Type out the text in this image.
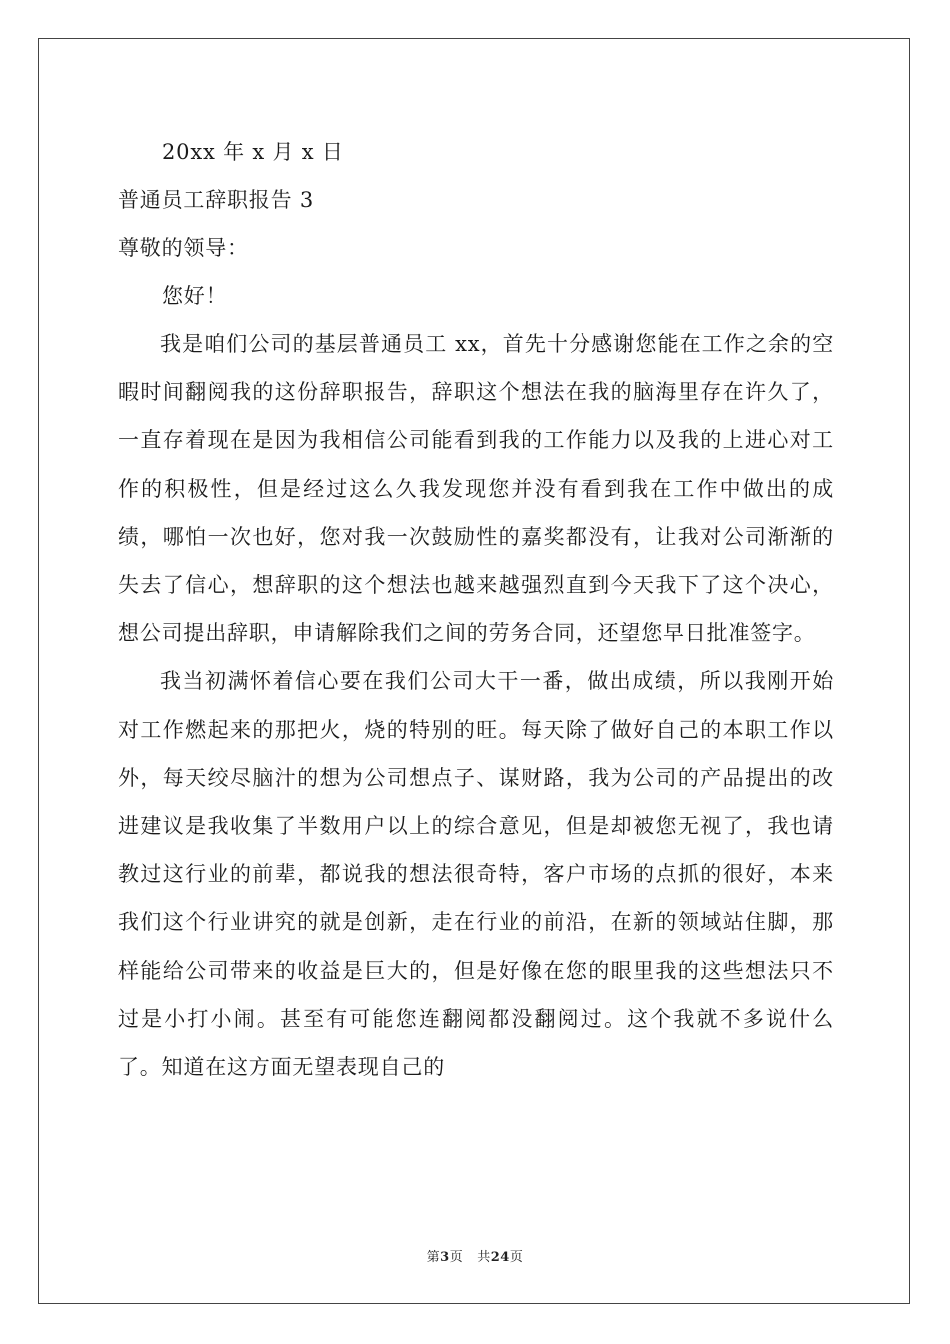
20xx 年 x 月 x 日
普通员工辞职报告 3
尊敬的领导：
您好！

我是咱们公司的基层普通员工 xx，首先十分感谢您能在工作之余的空暇时间翻阅我的这份辞职报告，辞职这个想法在我的脑海里存在许久了，一直存着现在是因为我相信公司能看到我的工作能力以及我的上进心对工作的积极性，但是经过这么久我发现您并没有看到我在工作中做出的成绩，哪怕一次也好，您对我一次鼓励性的嘉奖都没有，让我对公司渐渐的失去了信心，想辞职的这个想法也越来越强烈直到今天我下了这个决心，想公司提出辞职，申请解除我们之间的劳务合同，还望您早日批准签字。

我当初满怀着信心要在我们公司大干一番，做出成绩，所以我刚开始对工作燃起来的那把火，烧的特别的旺。每天除了做好自己的本职工作以外，每天绞尽脑汁的想为公司想点子、谋财路，我为公司的产品提出的改进建议是我收集了半数用户以上的综合意见，但是却被您无视了，我也请教过这行业的前辈，都说我的想法很奇特，客户市场的点抓的很好，本来我们这个行业讲究的就是创新，走在行业的前沿，在新的领域站住脚，那样能给公司带来的收益是巨大的，但是好像在您的眼里我的这些想法只不过是小打小闹。甚至有可能您连翻阅都没翻阅过。这个我就不多说什么了。知道在这方面无望表现自己的

第3页 共24页
